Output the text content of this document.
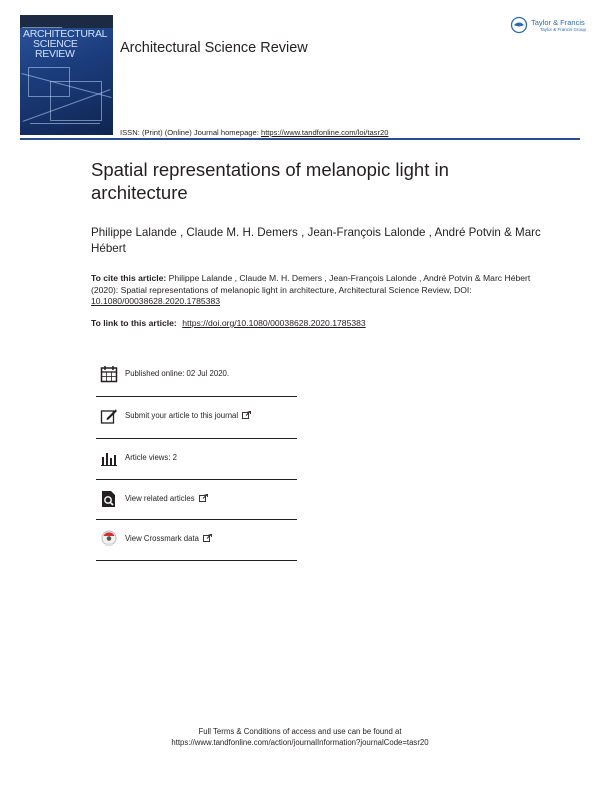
ARCHITECTURAL
SCIENCE
REVIEW	Architectural Science Review
ISSN: (Print) (Online) Journal homepage: https://www.tandfonline.com/loi/tasr20
Taylor & Francis
Taylor & Francis Group
Spatial representations of melanopic light in architecture
Philippe Lalande , Claude M. H. Demers , Jean-François Lalonde , André Potvin & Marc Hébert
To cite this article: Philippe Lalande , Claude M. H. Demers , Jean-François Lalonde , André Potvin & Marc Hébert (2020): Spatial representations of melanopic light in architecture, Architectural Science Review, DOI: 10.1080/00038628.2020.1785383
To link to this article: https://doi.org/10.1080/00038628.2020.1785383
Published online: 02 Jul 2020.
Submit your article to this journal
Article views: 2
View related articles
View Crossmark data
Full Terms & Conditions of access and use can be found at
https://www.tandfonline.com/action/journalInformation?journalCode=tasr20
